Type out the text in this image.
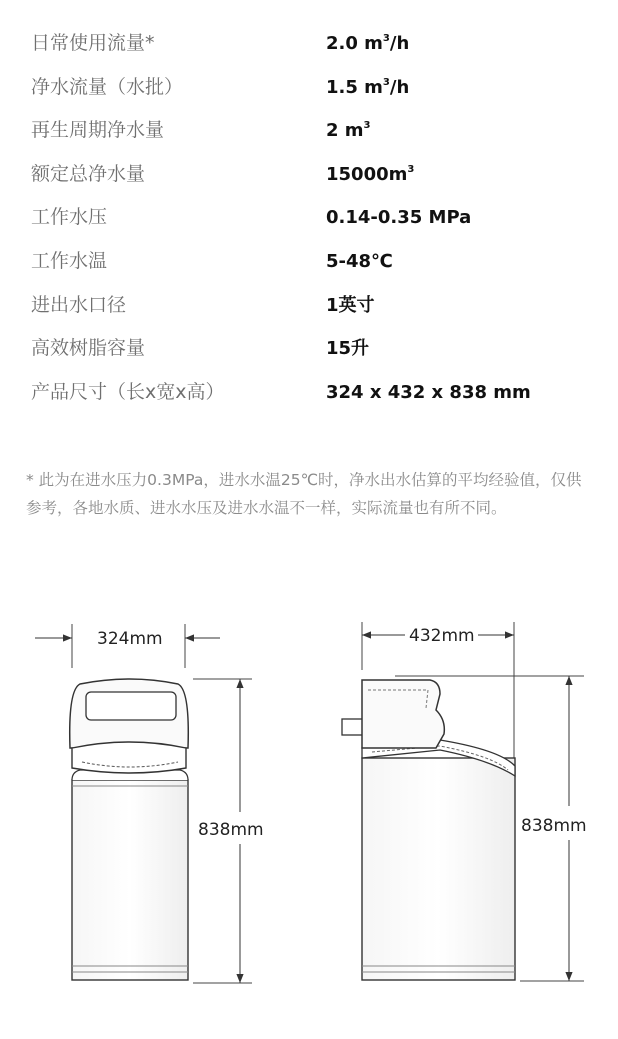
日常使用流量*	2.0 $m^3/h$
净水流量（水批）	1.5 $m^3/h$
再生周期净水量	2 $m^3$
额定总净水量	$15000m^3$
工作水压	0.14-0.35 MPa
工作水温	5-48℃
进出水口径	1英寸
高效树脂容量	15升
产品尺寸（长x宽x高）	324 x 432 x 838 mm

* 此为在进水压力0.3MPa，进水水温25℃时，净水出水估算的平均经验值，仅供参考，各地水质、进水水压及进水水温不一样，实际流量也有所不同。

324mm
838mm
432mm
838mm
